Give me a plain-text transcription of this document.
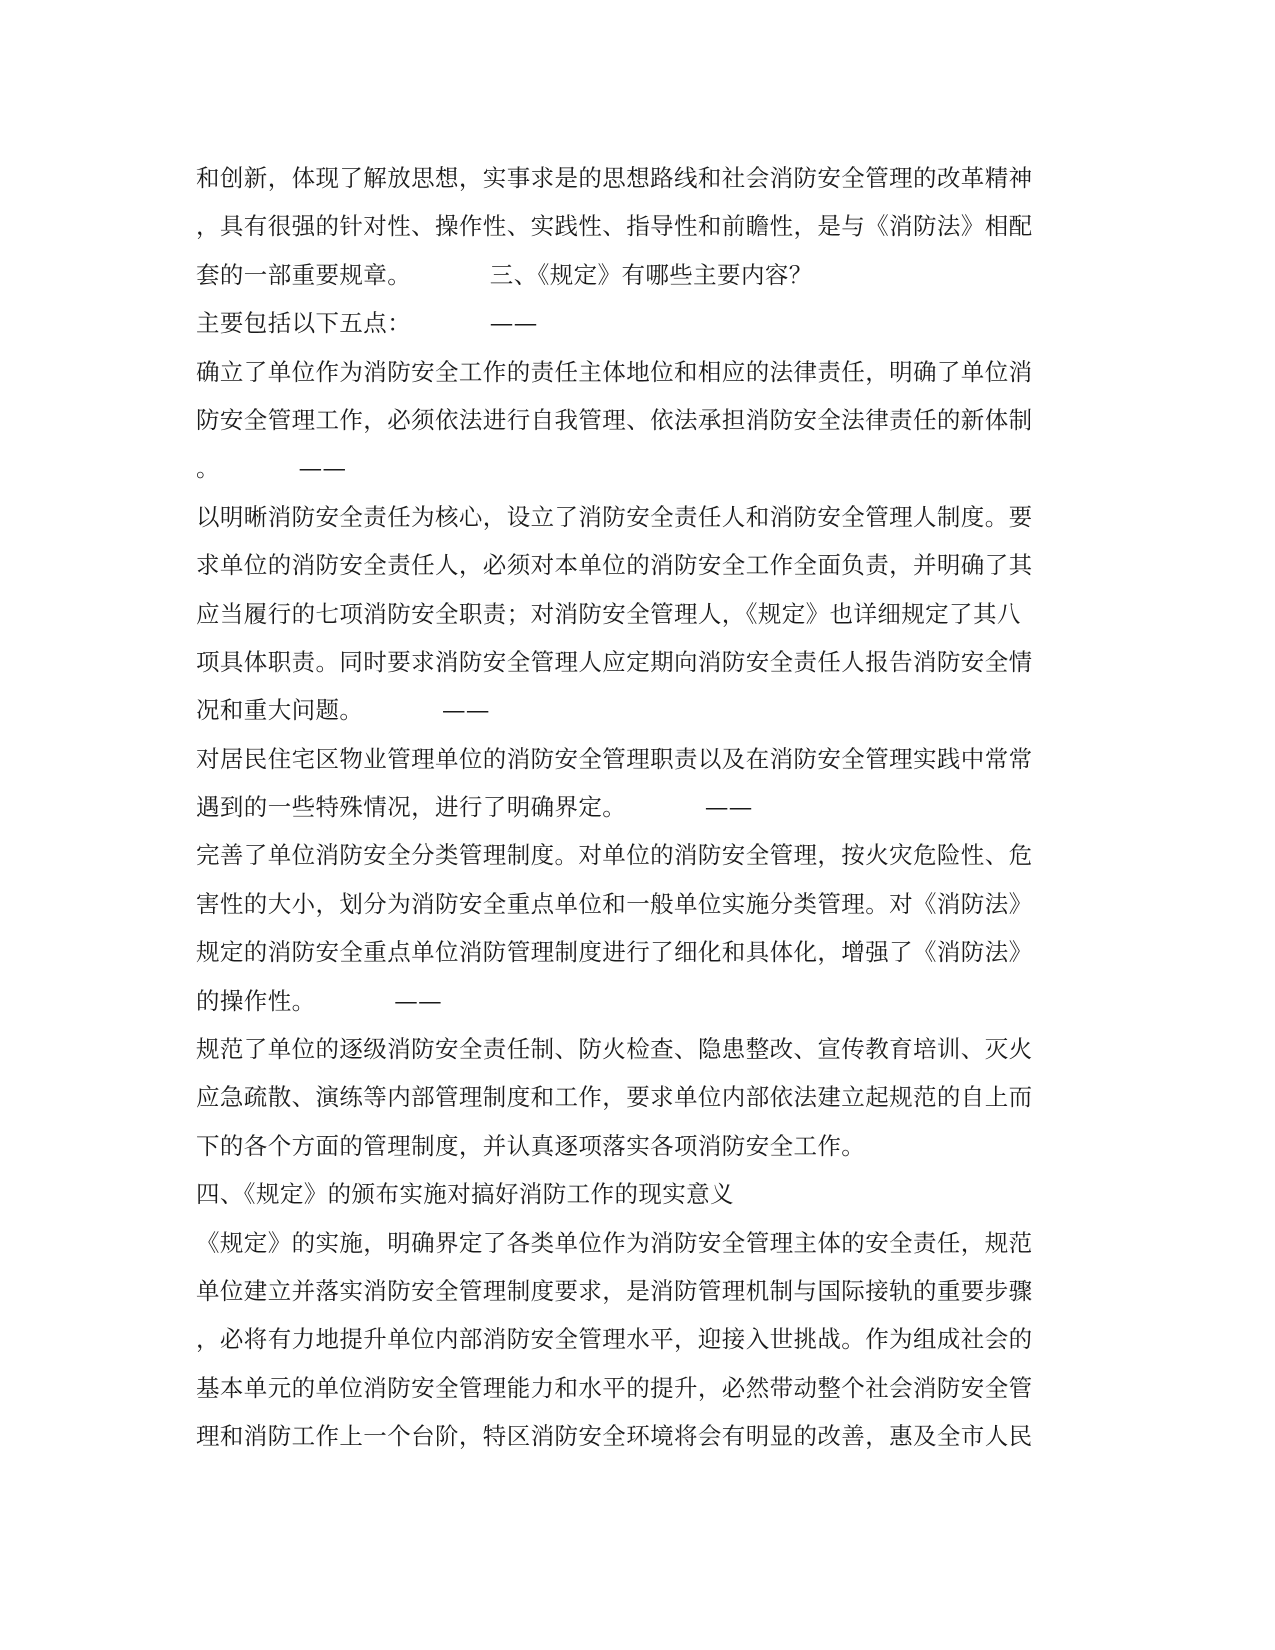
和创新，体现了解放思想，实事求是的思想路线和社会消防安全管理的改革精神
，具有很强的针对性、操作性、实践性、指导性和前瞻性，是与《消防法》相配
套的一部重要规章。          三、《规定》有哪些主要内容？
主要包括以下五点：          ——
确立了单位作为消防安全工作的责任主体地位和相应的法律责任，明确了单位消
防安全管理工作，必须依法进行自我管理、依法承担消防安全法律责任的新体制
。          ——
以明晰消防安全责任为核心，设立了消防安全责任人和消防安全管理人制度。要
求单位的消防安全责任人，必须对本单位的消防安全工作全面负责，并明确了其
应当履行的七项消防安全职责；对消防安全管理人，《规定》也详细规定了其八
项具体职责。同时要求消防安全管理人应定期向消防安全责任人报告消防安全情
况和重大问题。          ——
对居民住宅区物业管理单位的消防安全管理职责以及在消防安全管理实践中常常
遇到的一些特殊情况，进行了明确界定。          ——
完善了单位消防安全分类管理制度。对单位的消防安全管理，按火灾危险性、危
害性的大小，划分为消防安全重点单位和一般单位实施分类管理。对《消防法》
规定的消防安全重点单位消防管理制度进行了细化和具体化，增强了《消防法》
的操作性。          ——
规范了单位的逐级消防安全责任制、防火检查、隐患整改、宣传教育培训、灭火
应急疏散、演练等内部管理制度和工作，要求单位内部依法建立起规范的自上而
下的各个方面的管理制度，并认真逐项落实各项消防安全工作。
四、《规定》的颁布实施对搞好消防工作的现实意义
《规定》的实施，明确界定了各类单位作为消防安全管理主体的安全责任，规范
单位建立并落实消防安全管理制度要求，是消防管理机制与国际接轨的重要步骤
，必将有力地提升单位内部消防安全管理水平，迎接入世挑战。作为组成社会的
基本单元的单位消防安全管理能力和水平的提升，必然带动整个社会消防安全管
理和消防工作上一个台阶，特区消防安全环境将会有明显的改善，惠及全市人民
